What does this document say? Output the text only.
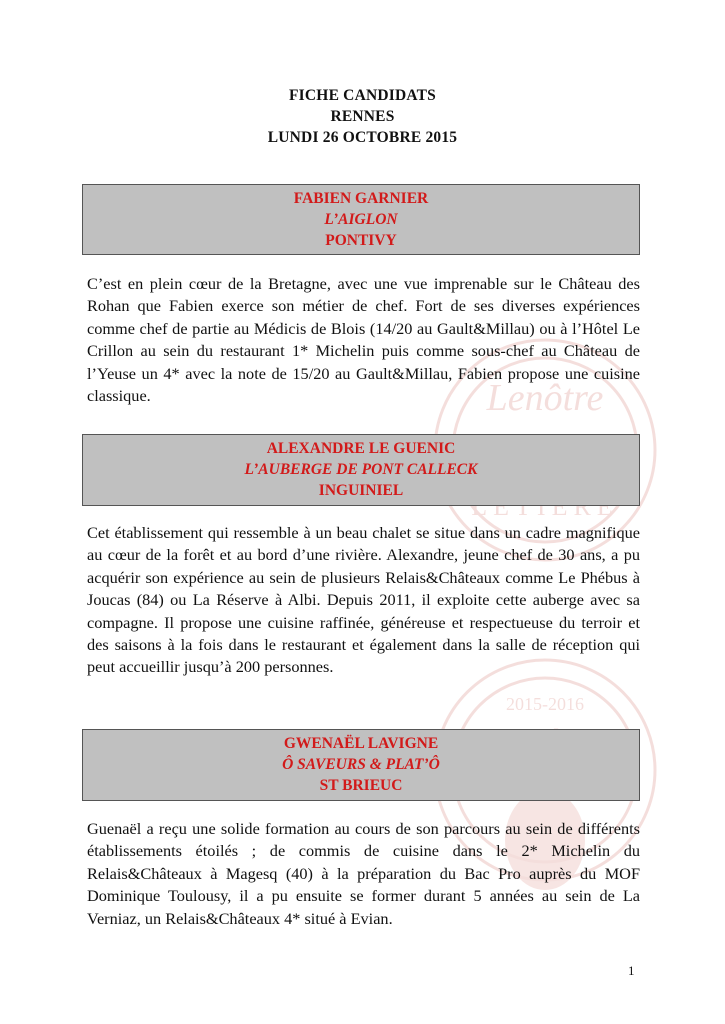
Lenôtre
LÉTIÈRE
2015-2016
FICHE CANDIDATS
RENNES
LUNDI 26 OCTOBRE 2015
FABIEN GARNIER
L’AIGLON
PONTIVY
C’est en plein cœur de la Bretagne, avec une vue imprenable sur le Château des Rohan que Fabien exerce son métier de chef. Fort de ses diverses expériences comme chef de partie au Médicis de Blois (14/20 au Gault&Millau) ou à l’Hôtel Le Crillon au sein du restaurant 1* Michelin puis comme sous-chef au Château de l’Yeuse un 4* avec la note de 15/20 au Gault&Millau, Fabien propose une cuisine classique.
ALEXANDRE LE GUENIC
L’AUBERGE DE PONT CALLECK
INGUINIEL
Cet établissement qui ressemble à un beau chalet se situe dans un cadre magnifique au cœur de la forêt et au bord d’une rivière. Alexandre, jeune chef de 30 ans, a pu acquérir son expérience au sein de plusieurs Relais&Châteaux comme Le Phébus à Joucas (84) ou La Réserve à Albi. Depuis 2011, il exploite cette auberge avec sa compagne. Il propose une cuisine raffinée, généreuse et respectueuse du terroir et des saisons à la fois dans le restaurant et également dans la salle de réception qui peut accueillir jusqu’à 200 personnes.
GWENAËL LAVIGNE
Ô SAVEURS & PLAT’Ô
ST BRIEUC
Guenaël a reçu une solide formation au cours de son parcours au sein de différents établissements étoilés ; de commis de cuisine dans le 2* Michelin du Relais&Châteaux à Magesq (40) à la préparation du Bac Pro auprès du MOF Dominique Toulousy, il a pu ensuite se former durant 5 années au sein de La Verniaz, un Relais&Châteaux 4* situé à Evian.
1
